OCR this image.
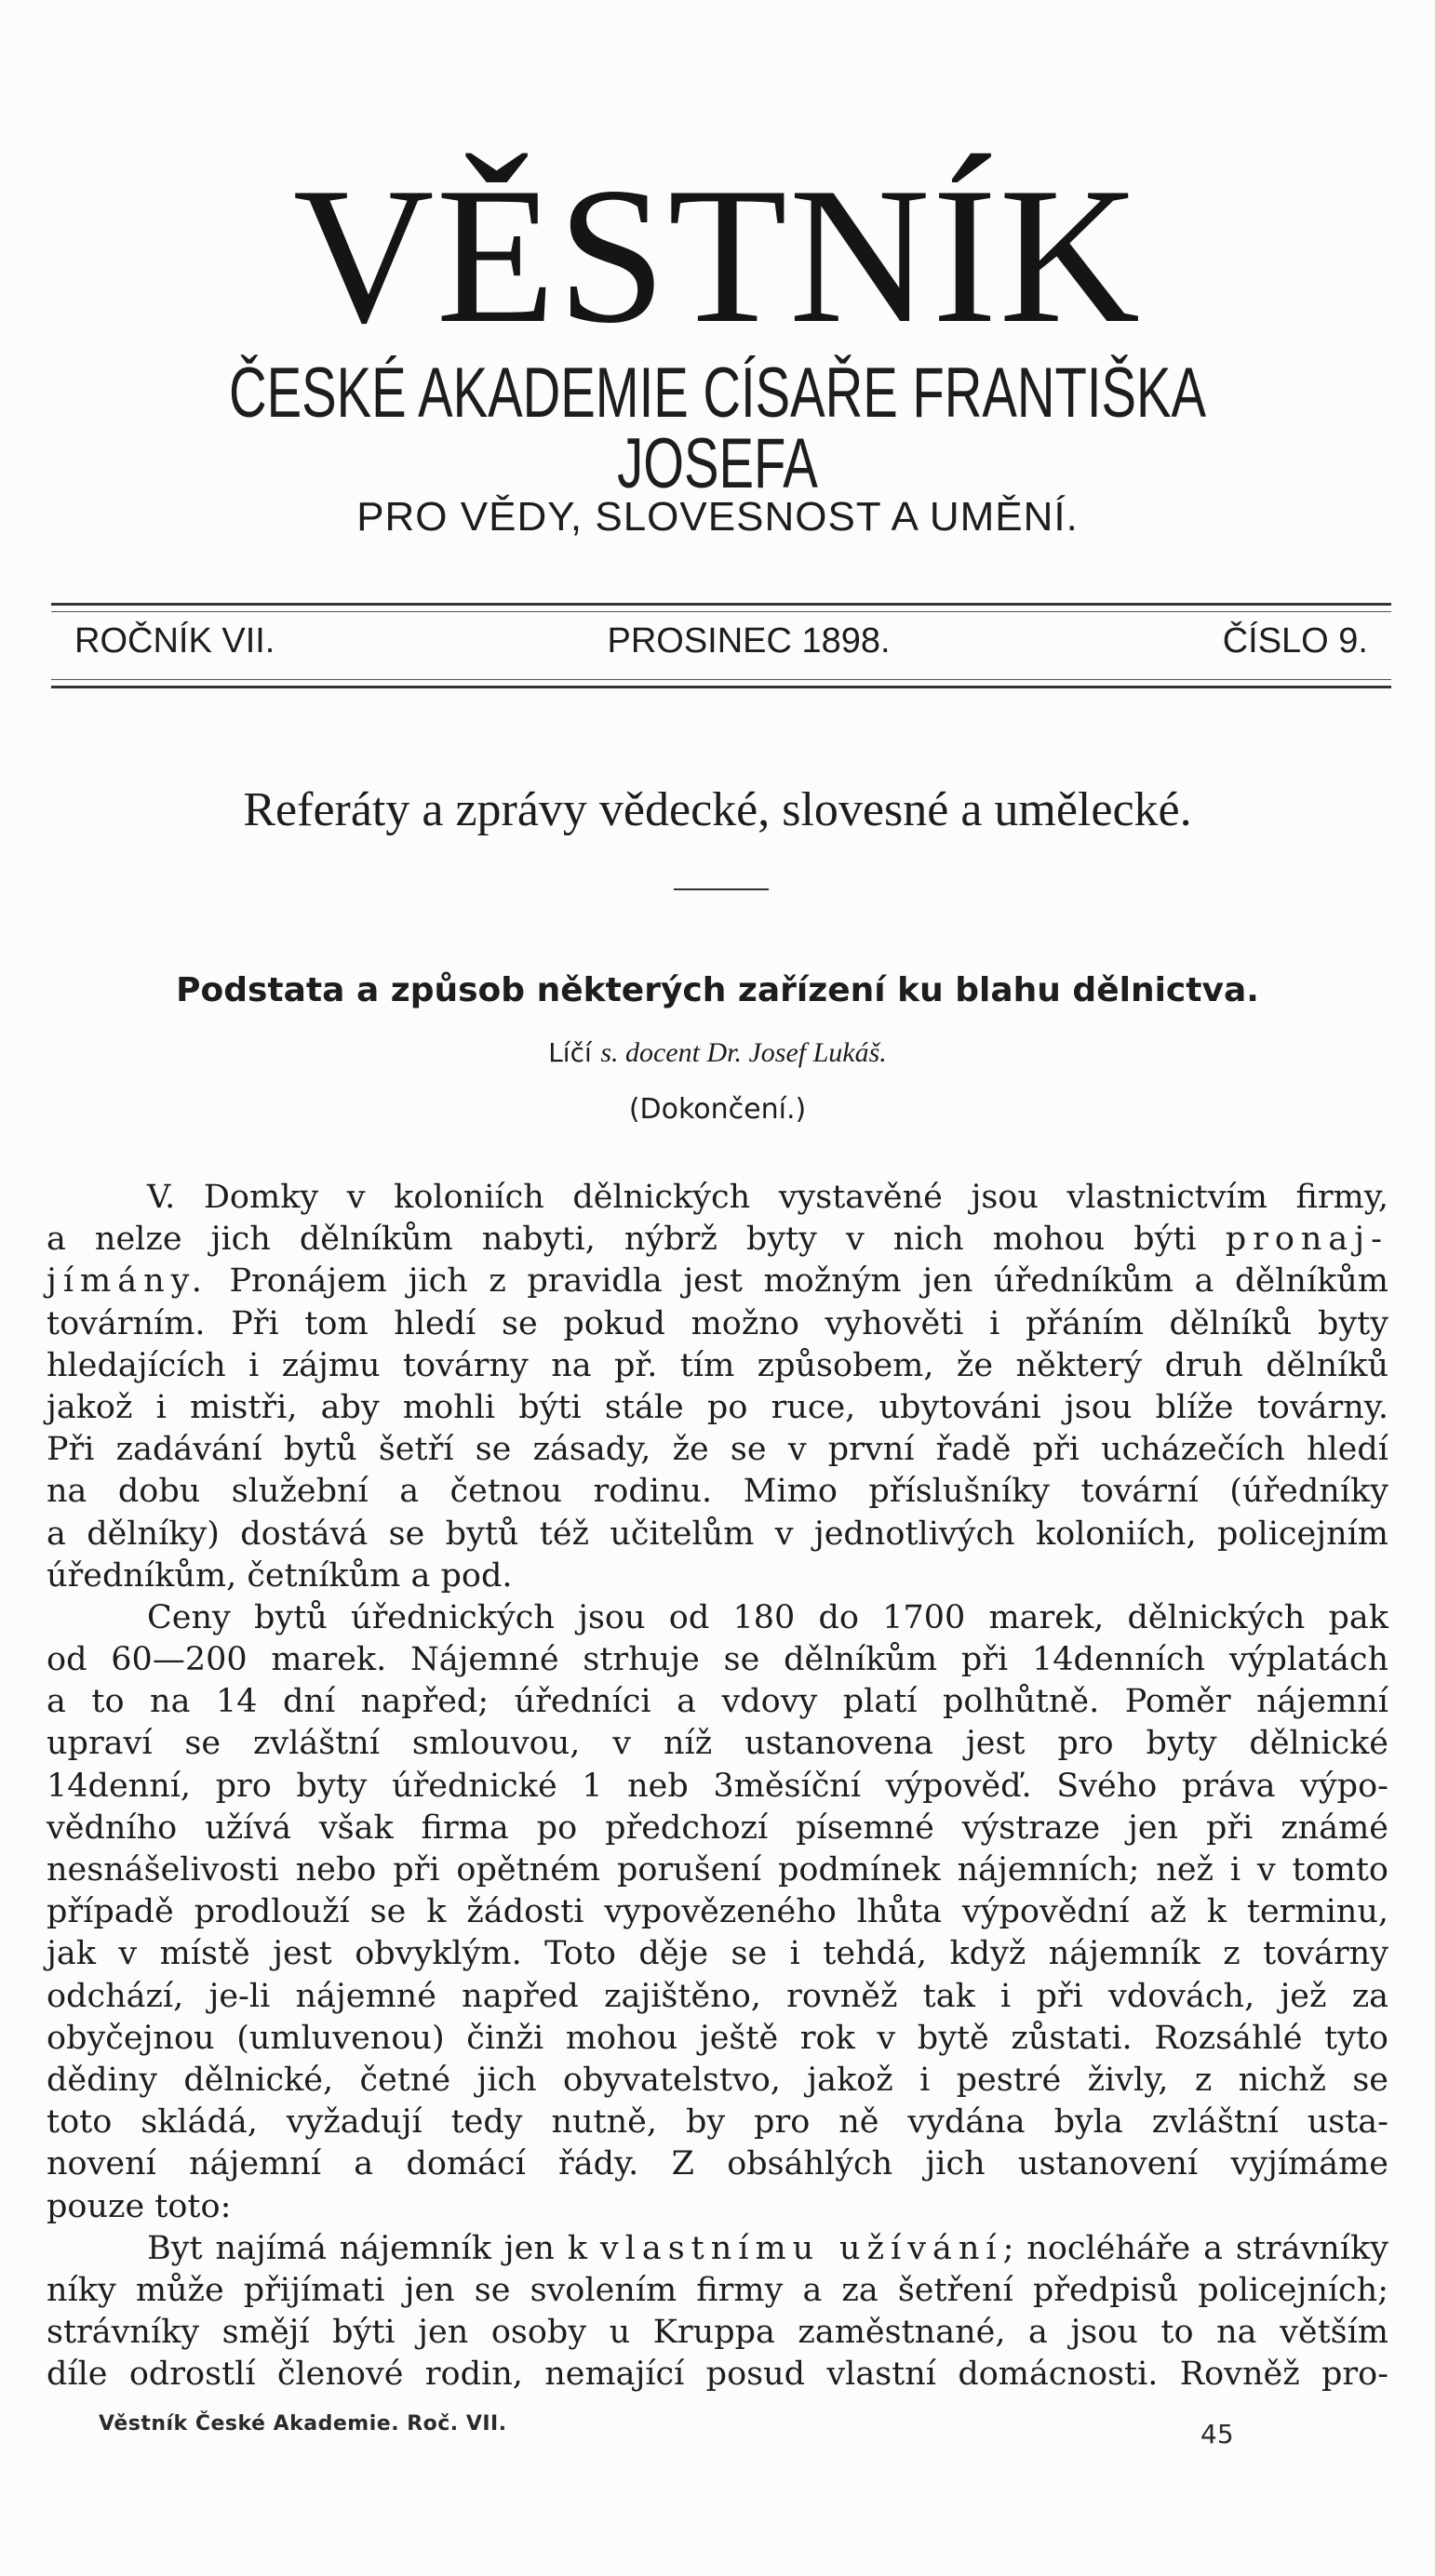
VĚSTNÍK
ČESKÉ AKADEMIE CÍSAŘE FRANTIŠKA JOSEFA
PRO VĚDY, SLOVESNOST A UMĚNÍ.
ROČNÍK VII.	PROSINEC 1898.	ČÍSLO 9.
Referáty a zprávy vědecké, slovesné a umělecké.
Podstata a způsob některých zařízení ku blahu dělnictva.
Líčí s. docent Dr. Josef Lukáš.
(Dokončení.)
V. Domky v koloniích dělnických vystavěné jsou vlastnictvím firmy,
a nelze jich dělníkům nabyti, nýbrž byty v nich mohou býti pronaj-
jímány. Pronájem jich z pravidla jest možným jen úředníkům a dělníkům
továrním. Při tom hledí se pokud možno vyhověti i přáním dělníků byty
hledajících i zájmu továrny na př. tím způsobem, že některý druh dělníků
jakož i mistři, aby mohli býti stále po ruce, ubytováni jsou blíže továrny.
Při zadávání bytů šetří se zásady, že se v první řadě při ucházečích hledí
na dobu služební a četnou rodinu. Mimo příslušníky tovární (úředníky
a dělníky) dostává se bytů též učitelům v jednotlivých koloniích, policejním
úředníkům, četníkům a pod.
Ceny bytů úřednických jsou od 180 do 1700 marek, dělnických pak
od 60—200 marek. Nájemné strhuje se dělníkům při 14denních výplatách
a to na 14 dní napřed; úředníci a vdovy platí polhůtně. Poměr nájemní
upraví se zvláštní smlouvou, v níž ustanovena jest pro byty dělnické
14denní, pro byty úřednické 1 neb 3měsíční výpověď. Svého práva výpo-
vědního užívá však firma po předchozí písemné výstraze jen při známé
nesnášelivosti nebo při opětném porušení podmínek nájemních; než i v tomto
případě prodlouží se k žádosti vypovězeného lhůta výpovědní až k terminu,
jak v místě jest obvyklým. Toto děje se i tehdá, když nájemník z továrny
odchází, je-li nájemné napřed zajištěno, rovněž tak i při vdovách, jež za
obyčejnou (umluvenou) činži mohou ještě rok v bytě zůstati. Rozsáhlé tyto
dědiny dělnické, četné jich obyvatelstvo, jakož i pestré živly, z nichž se
toto skládá, vyžadují tedy nutně, by pro ně vydána byla zvláštní usta-
novení nájemní a domácí řády. Z obsáhlých jich ustanovení vyjímáme
pouze toto:
Byt najímá nájemník jen k vlastnímu užívání; nocléhářе a strávníky
níky může přijímati jen se svolením firmy a za šetření předpisů policejních;
strávníky smějí býti jen osoby u Kruppa zaměstnané, a jsou to na větším
díle odrostlí členové rodin, nemající posud vlastní domácnosti. Rovněž pro-
Věstník České Akademie. Roč. VII.	45
